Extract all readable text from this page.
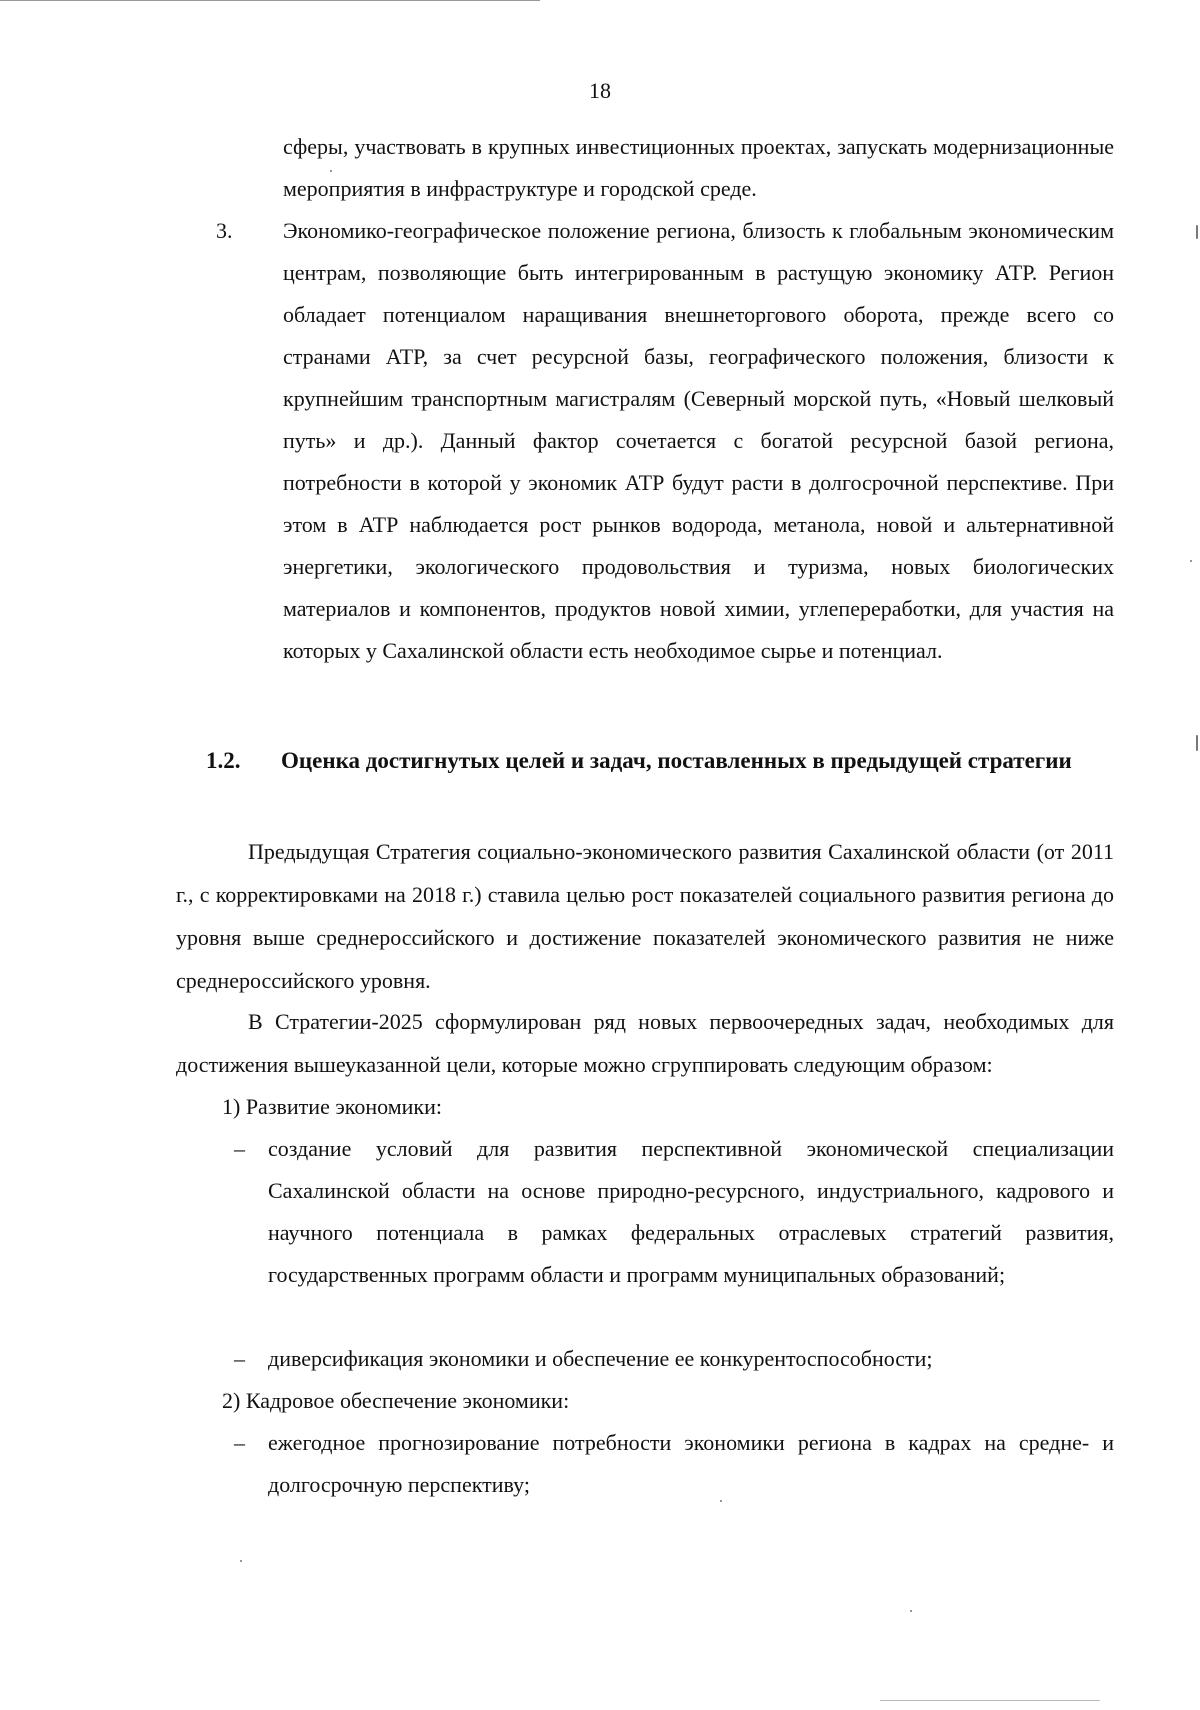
18
сферы, участвовать в крупных инвестиционных проектах, запускать модернизационные мероприятия в инфраструктуре и городской среде.
3. Экономико-географическое положение региона, близость к глобальным экономическим центрам, позволяющие быть интегрированным в растущую экономику АТР. Регион обладает потенциалом наращивания внешнеторгового оборота, прежде всего со странами АТР, за счет ресурсной базы, географического положения, близости к крупнейшим транспортным магистралям (Северный морской путь, «Новый шелковый путь» и др.). Данный фактор сочетается с богатой ресурсной базой региона, потребности в которой у экономик АТР будут расти в долгосрочной перспективе. При этом в АТР наблюдается рост рынков водорода, метанола, новой и альтернативной энергетики, экологического продовольствия и туризма, новых биологических материалов и компонентов, продуктов новой химии, углепереработки, для участия на которых у Сахалинской области есть необходимое сырье и потенциал.
1.2. Оценка достигнутых целей и задач, поставленных в предыдущей стратегии
Предыдущая Стратегия социально-экономического развития Сахалинской области (от 2011 г., с корректировками на 2018 г.) ставила целью рост показателей социального развития региона до уровня выше среднероссийского и достижение показателей экономического развития не ниже среднероссийского уровня.
В Стратегии-2025 сформулирован ряд новых первоочередных задач, необходимых для достижения вышеуказанной цели, которые можно сгруппировать следующим образом:
1) Развитие экономики:
– создание условий для развития перспективной экономической специализации Сахалинской области на основе природно-ресурсного, индустриального, кадрового и научного потенциала в рамках федеральных отраслевых стратегий развития, государственных программ области и программ муниципальных образований;
– диверсификация экономики и обеспечение ее конкурентоспособности;
2) Кадровое обеспечение экономики:
– ежегодное прогнозирование потребности экономики региона в кадрах на средне- и долгосрочную перспективу;
